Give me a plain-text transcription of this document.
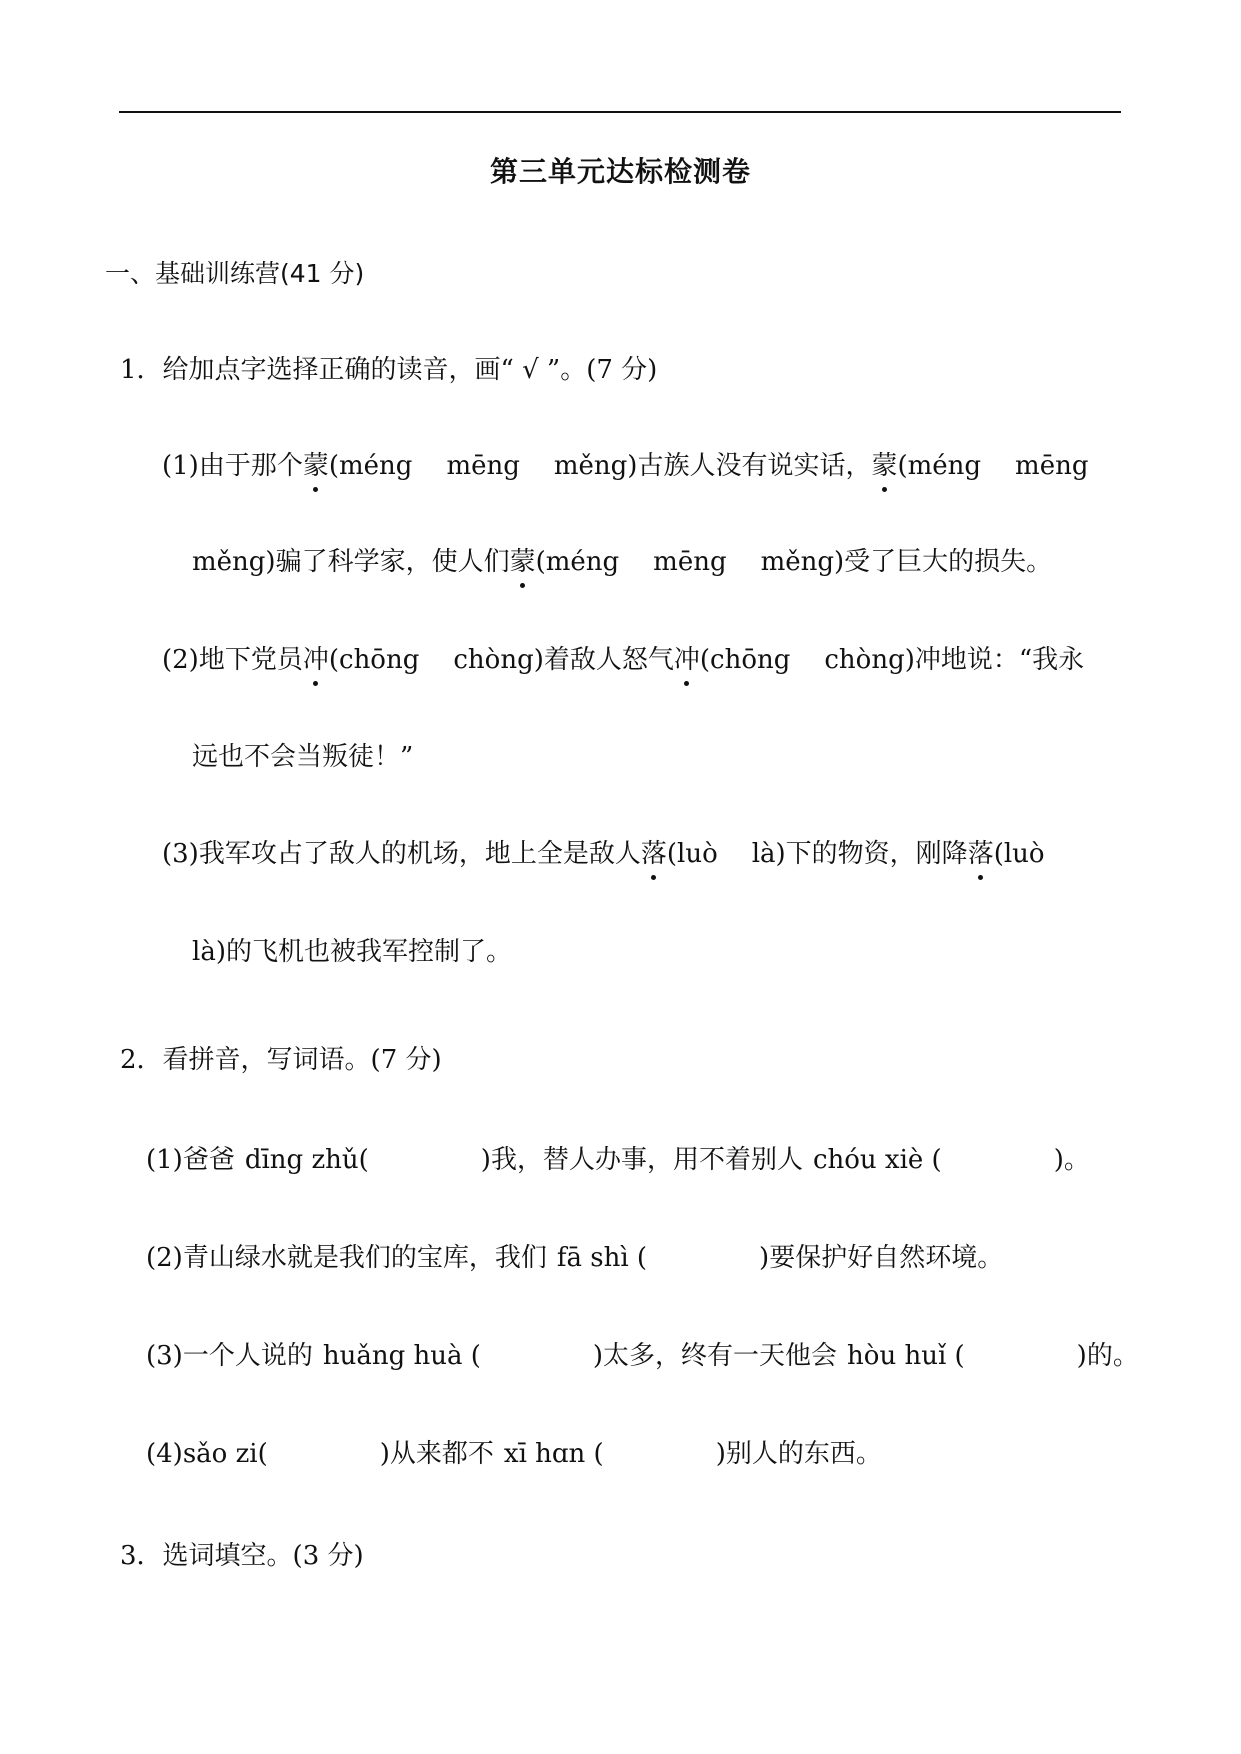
第三单元达标检测卷
一、基础训练营(41 分)
1．给加点字选择正确的读音，画“ √ ”。(7 分)
(1)由于那个蒙(méng mēng měng)古族人没有说实话，蒙(méng mēng
měng)骗了科学家，使人们蒙(méng mēng měng)受了巨大的损失。
(2)地下党员冲(chōng chòng)着敌人怒气冲(chōng chòng)冲地说：“我永
远也不会当叛徒！”
(3)我军攻占了敌人的机场，地上全是敌人落(luò là)下的物资，刚降落(luò
là)的飞机也被我军控制了。
2．看拼音，写词语。(7 分)
(1)爸爸 dīng zhǔ(	)我，替人办事，用不着别人 chóu xiè (	)。
(2)青山绿水就是我们的宝库，我们 fā shì (	)要保护好自然环境。
(3)一个人说的 huǎng huà (	)太多，终有一天他会 hòu huǐ (	)的。
(4)sǎo zi(	)从来都不 xī hɑn (	)别人的东西。
3．选词填空。(3 分)
